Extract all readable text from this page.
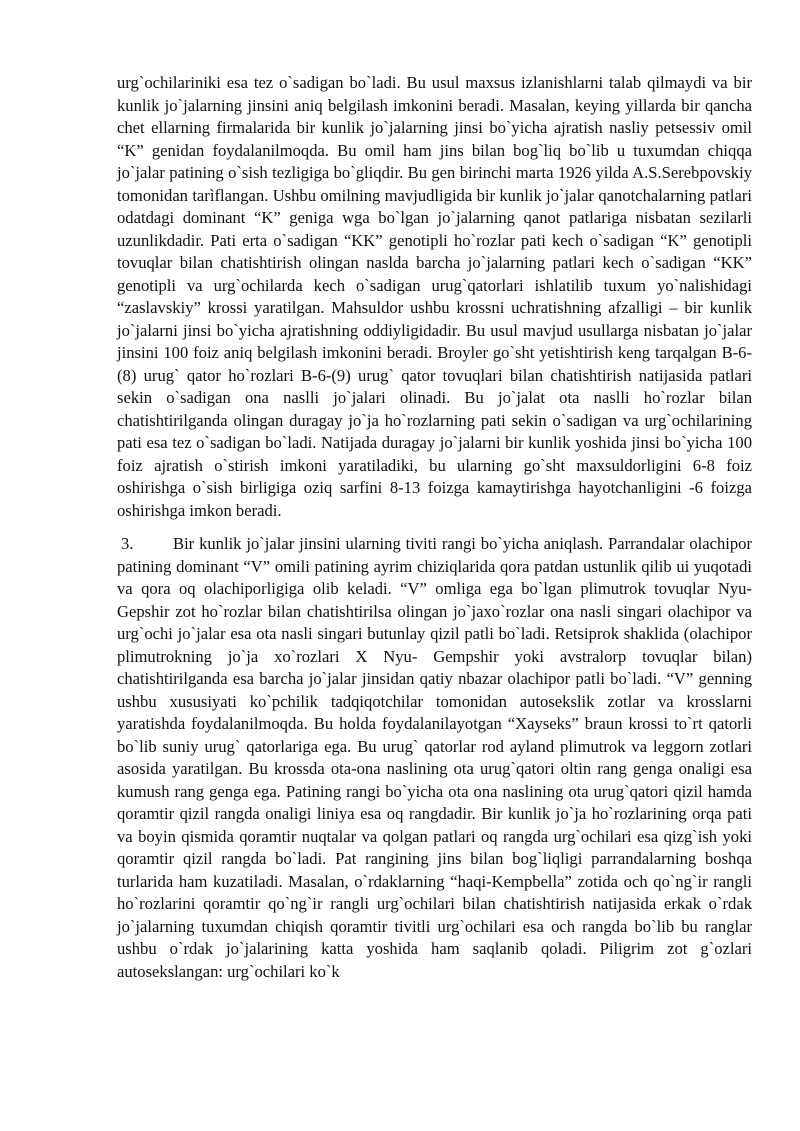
urg`ochilariniki esa tez o`sadigan bo`ladi. Bu usul maxsus izlanishlarni talab qilmaydi va bir kunlik jo`jalarning jinsini aniq belgilash imkonini beradi. Masalan, keying yillarda bir qancha chet ellarning firmalarida bir kunlik jo`jalarning jinsi bo`yicha ajratish nasliy petsessiv omil “K” genidan foydalanilmoqda. Bu omil ham jins bilan bog`liq bo`lib u tuxumdan chiqqa jo`jalar patining o`sish tezligiga bo`gliqdir. Bu gen birinchi marta 1926 yilda A.S.Serebpovskiy tomonidan tarìflangan. Ushbu omilning mavjudligida bir kunlik jo`jalar qanotchalarning patlari odatdagi dominant “K” geniga wga bo`lgan jo`jalarning qanot patlariga nisbatan sezilarli uzunlikdadir. Pati erta o`sadigan “KK” genotipli ho`rozlar pati kech o`sadigan “K” genotipli tovuqlar bilan chatishtirish olingan naslda barcha jo`jalarning patlari kech o`sadigan “KK” genotipli va urg`ochilarda kech o`sadigan urug`qatorlari ishlatilib tuxum yo`nalishidagi “zaslavskiy” krossi yaratilgan. Mahsuldor ushbu krossni uchratishning afzalligi – bir kunlik jo`jalarni jinsi bo`yicha ajratishning oddiyligidadir. Bu usul mavjud usullarga nisbatan jo`jalar jinsini 100 foiz aniq belgilash imkonini beradi. Broyler go`sht yetishtirish keng tarqalgan B-6-(8) urug` qator ho`rozlari B-6-(9) urug` qator tovuqlari bilan chatishtirish natijasida patlari sekin o`sadigan ona naslli jo`jalari olinadi. Bu jo`jalat ota naslli ho`rozlar bilan chatishtirilganda olingan duragay jo`ja ho`rozlarning pati sekin o`sadigan va urg`ochilarining pati esa tez o`sadigan bo`ladi. Natijada duragay jo`jalarni bir kunlik yoshida jinsi bo`yicha 100 foiz ajratish o`stirish imkoni yaratiladiki, bu ularning go`sht maxsuldorligini 6-8 foiz oshirishga o`sish birligiga oziq sarfini 8-13 foizga kamaytirishga hayotchanligini -6 foizga oshirishga imkon beradi.

3. Bir kunlik jo`jalar jinsini ularning tiviti rangi bo`yicha aniqlash. Parrandalar olachipor patining dominant “V” omili patining ayrim chiziqlarida qora patdan ustunlik qilib ui yuqotadi va qora oq olachiporligiga olib keladi. “V” omliga ega bo`lgan plimutrok tovuqlar Nyu-Gepshir zot ho`rozlar bilan chatishtirilsa olingan jo`jaxo`rozlar ona nasli singari olachipor va urg`ochi jo`jalar esa ota nasli singari butunlay qizil patli bo`ladi. Retsiprok shaklida (olachipor plimutrokning jo`ja xo`rozlari X Nyu- Gempshir yoki avstralorp tovuqlar bilan) chatishtirilganda esa barcha jo`jalar jinsidan qatiy nbazar olachipor patli bo`ladi. “V” genning ushbu xususiyati ko`pchilik tadqiqotchilar tomonidan autosekslik zotlar va krosslarni yaratishda foydalanilmoqda. Bu holda foydalanilayotgan “Xayseks” braun krossi to`rt qatorli bo`lib suniy urug` qatorlariga ega. Bu urug` qatorlar rod ayland plimutrok va leggorn zotlari asosida yaratilgan. Bu krossda ota-ona naslining ota urug`qatori oltin rang genga onaligi esa kumush rang genga ega. Patining rangi bo`yicha ota ona naslining ota urug`qatori qizil hamda qoramtir qizil rangda onaligi liniya esa oq rangdadir. Bir kunlik jo`ja ho`rozlarining orqa pati va boyin qismida qoramtir nuqtalar va qolgan patlari oq rangda urg`ochilari esa qizg`ish yoki qoramtir qizil rangda bo`ladi. Pat rangining jins bilan bog`liqligi parrandalarning boshqa turlarida ham kuzatiladi. Masalan, o`rdaklarning “haqi-Kempbella” zotida och qo`ng`ir rangli ho`rozlarini qoramtir qo`ng`ir rangli urg`ochilari bilan chatishtirish natijasida erkak o`rdak jo`jalarning tuxumdan chiqish qoramtir tivitli urg`ochilari esa och rangda bo`lib bu ranglar ushbu o`rdak jo`jalarining katta yoshida ham saqlanib qoladi. Piligrim zot g`ozlari autosekslangan: urg`ochilari ko`k
